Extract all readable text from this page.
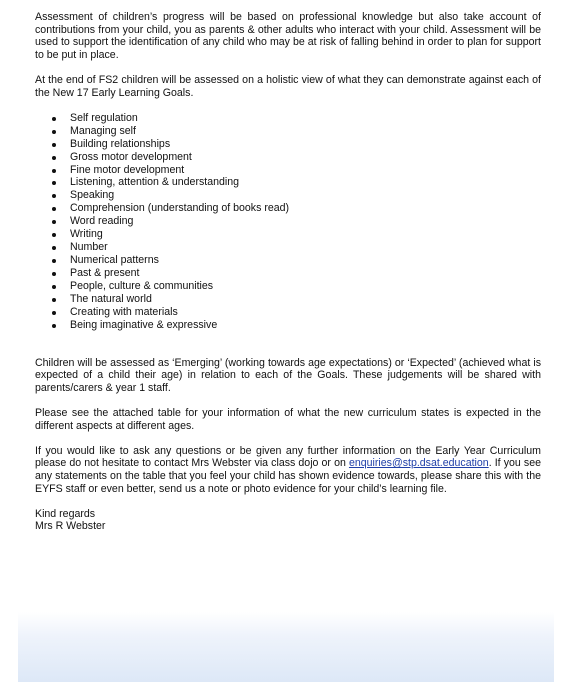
Assessment of children’s progress will be based on professional knowledge but also take account of contributions from your child, you as parents & other adults who interact with your child. Assessment will be used to support the identification of any child who may be at risk of falling behind in order to plan for support to be put in place.

At the end of FS2 children will be assessed on a holistic view of what they can demonstrate against each of the New 17 Early Learning Goals.

Self regulation
Managing self
Building relationships
Gross motor development
Fine motor development
Listening, attention & understanding
Speaking
Comprehension (understanding of books read)
Word reading
Writing
Number
Numerical patterns
Past & present
People, culture & communities
The natural world
Creating with materials
Being imaginative & expressive

Children will be assessed as ‘Emerging’ (working towards age expectations) or ‘Expected’ (achieved what is expected of a child their age) in relation to each of the Goals. These judgements will be shared with parents/carers & year 1 staff.

Please see the attached table for your information of what the new curriculum states is expected in the different aspects at different ages.

If you would like to ask any questions or be given any further information on the Early Year Curriculum please do not hesitate to contact Mrs Webster via class dojo or on enquiries@stp.dsat.education. If you see any statements on the table that you feel your child has shown evidence towards, please share this with the EYFS staff or even better, send us a note or photo evidence for your child’s learning file.

Kind regards

Mrs R Webster
